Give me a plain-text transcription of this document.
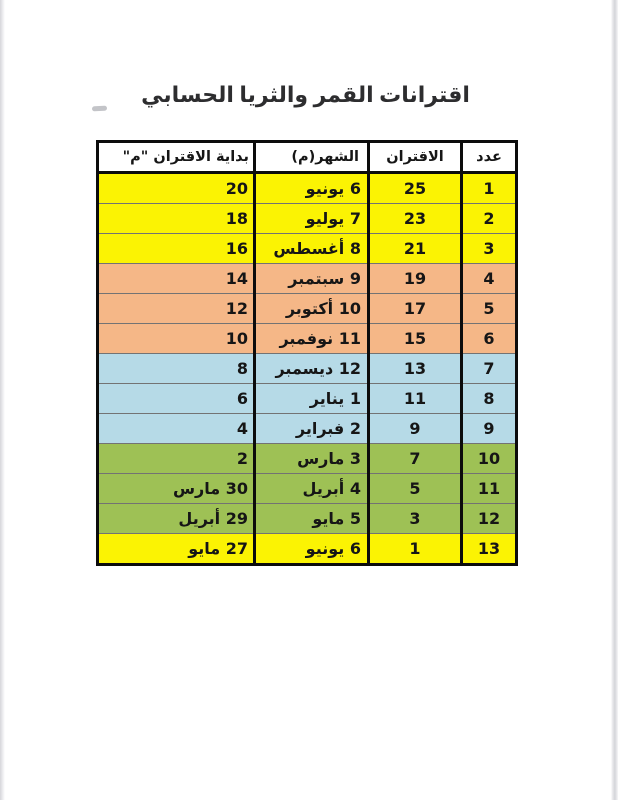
اقترانات القمر والثريا الحسابي
عدد	الاقتران	الشهر(م)	بداية الاقتران "م"
1	25	6 يونيو	20
2	23	7 يوليو	18
3	21	8 أغسطس	16
4	19	9 سبتمبر	14
5	17	10 أكتوبر	12
6	15	11 نوفمبر	10
7	13	12 ديسمبر	8
8	11	1 يناير	6
9	9	2 فبراير	4
10	7	3 مارس	2
11	5	4 أبريل	30 مارس
12	3	5 مايو	29 أبريل
13	1	6 يونيو	27 مايو
